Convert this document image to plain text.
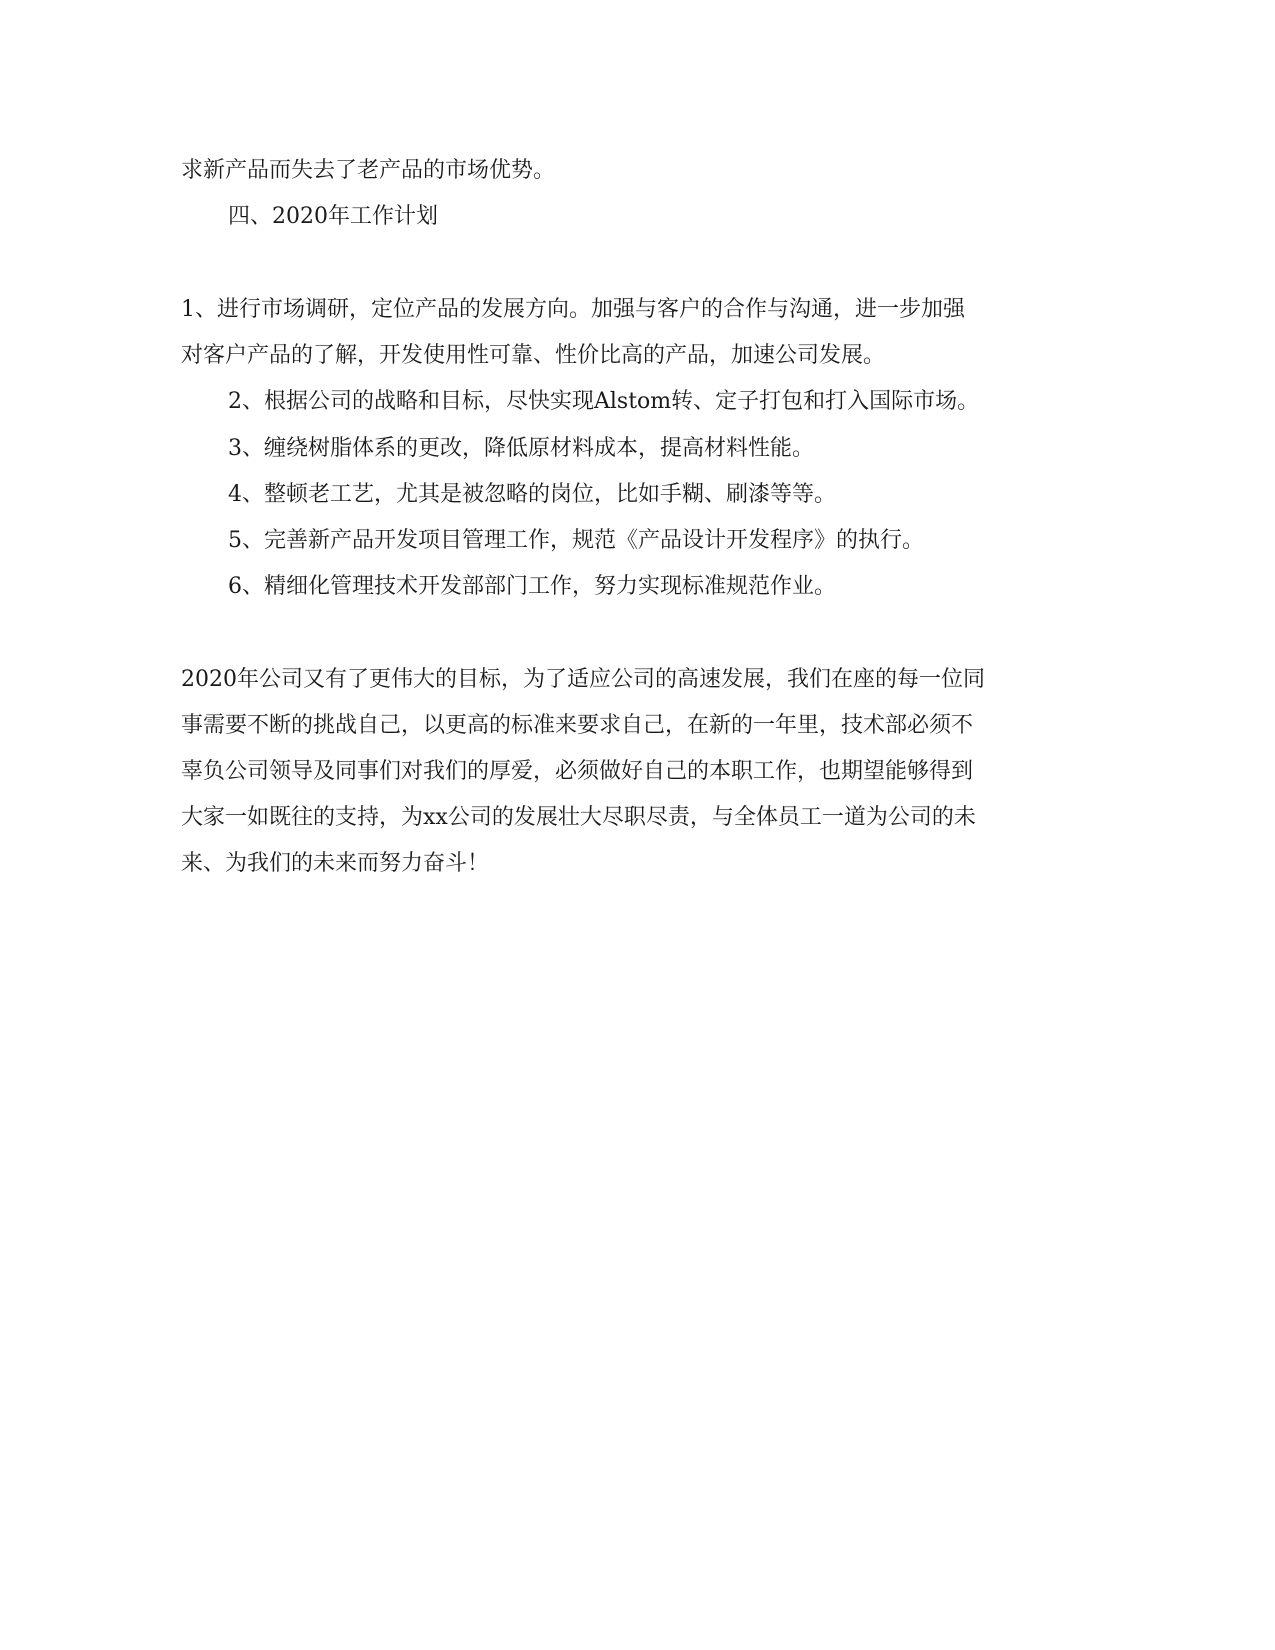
求新产品而失去了老产品的市场优势。
四、2020年工作计划
1、进行市场调研，定位产品的发展方向。加强与客户的合作与沟通，进一步加强
对客户产品的了解，开发使用性可靠、性价比高的产品，加速公司发展。
2、根据公司的战略和目标，尽快实现Alstom转、定子打包和打入国际市场。
3、缠绕树脂体系的更改，降低原材料成本，提高材料性能。
4、整顿老工艺，尤其是被忽略的岗位，比如手糊、刷漆等等。
5、完善新产品开发项目管理工作，规范《产品设计开发程序》的执行。
6、精细化管理技术开发部部门工作，努力实现标准规范作业。
2020年公司又有了更伟大的目标，为了适应公司的高速发展，我们在座的每一位同
事需要不断的挑战自己，以更高的标准来要求自己，在新的一年里，技术部必须不
辜负公司领导及同事们对我们的厚爱，必须做好自己的本职工作，也期望能够得到
大家一如既往的支持，为xx公司的发展壮大尽职尽责，与全体员工一道为公司的未
来、为我们的未来而努力奋斗！
